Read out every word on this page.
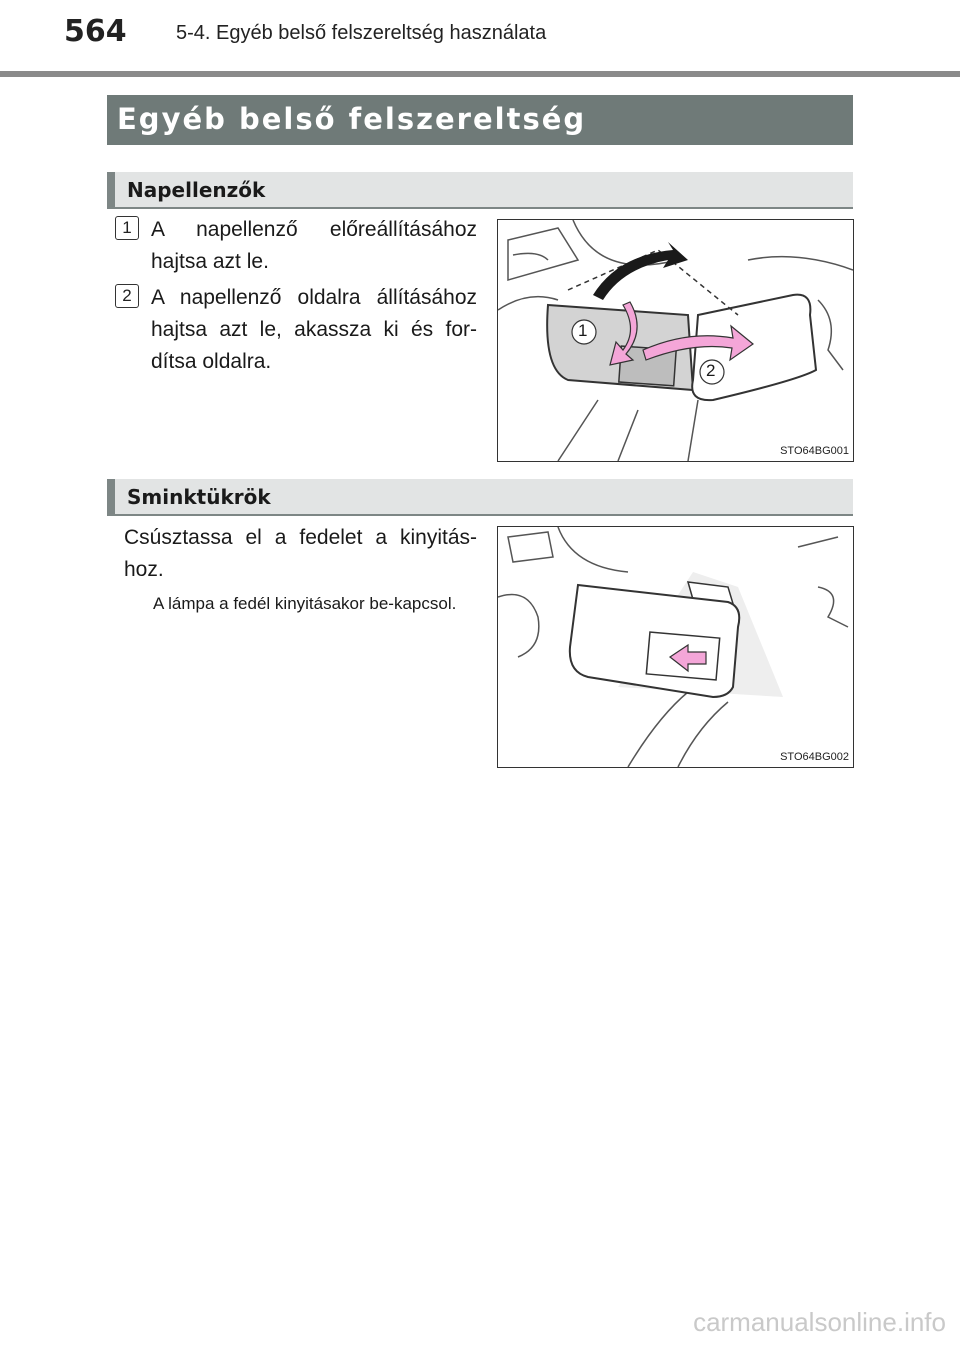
564 5-4. Egyéb belső felszereltség használata
Egyéb belső felszereltség
Napellenzők
1 A napellenző előreállításához hajtsa azt le.
2 A napellenző oldalra állításához hajtsa azt le, akassza ki és for-dítsa oldalra.
1
2
STO64BG001
Sminktükrök
Csúsztassa el a fedelet a kinyitás-hoz.
A lámpa a fedél kinyitásakor be-kapcsol.
STO64BG002
carmanualsonline.info
